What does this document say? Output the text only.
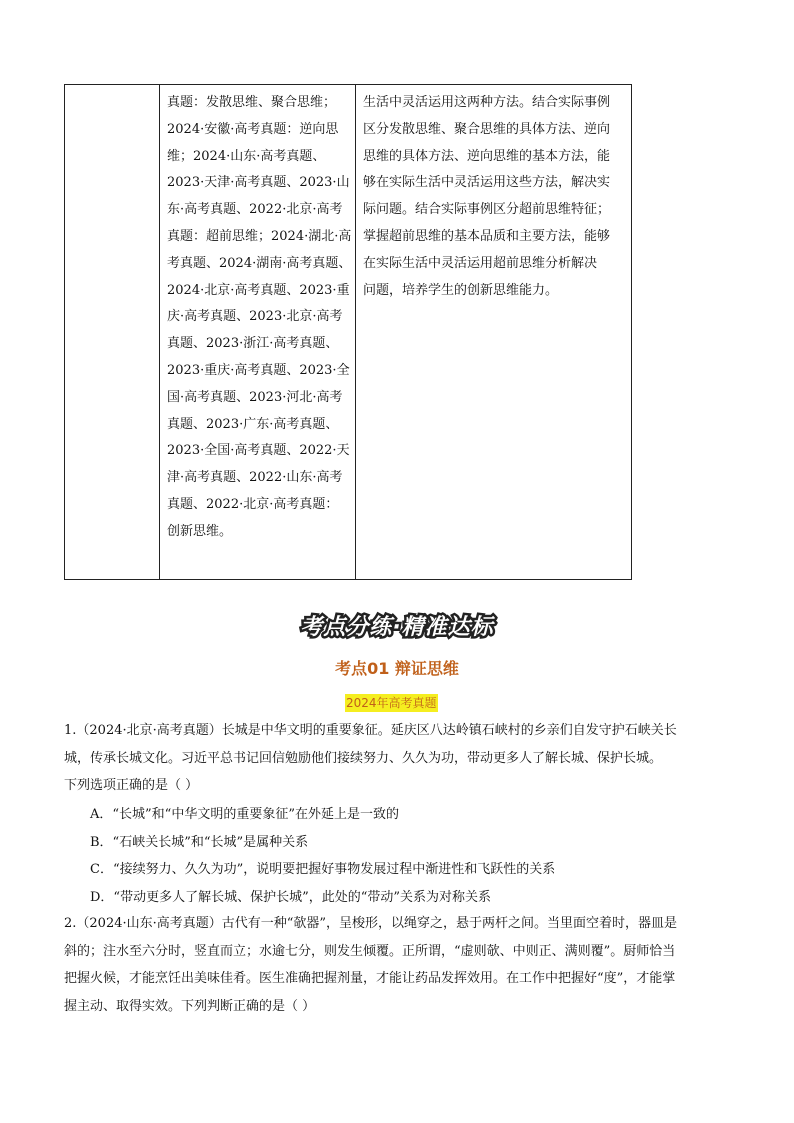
真题：发散思维、聚合思维；
2024·安徽·高考真题：逆向思
维；2024·山东·高考真题、
2023·天津·高考真题、2023·山
东·高考真题、2022·北京·高考
真题：超前思维；2024·湖北·高
考真题、2024·湖南·高考真题、
2024·北京·高考真题、2023·重
庆·高考真题、2023·北京·高考
真题、2023·浙江·高考真题、
2023·重庆·高考真题、2023·全
国·高考真题、2023·河北·高考
真题、2023·广东·高考真题、
2023·全国·高考真题、2022·天
津·高考真题、2022·山东·高考
真题、2022·北京·高考真题：
创新思维。
生活中灵活运用这两种方法。结合实际事例
区分发散思维、聚合思维的具体方法、逆向
思维的具体方法、逆向思维的基本方法，能
够在实际生活中灵活运用这些方法，解决实
际问题。结合实际事例区分超前思维特征；
掌握超前思维的基本品质和主要方法，能够
在实际生活中灵活运用超前思维分析解决
问题，培养学生的创新思维能力。
考点分练·精准达标
考点01 辩证思维
2024年高考真题
1.（2024·北京·高考真题）长城是中华文明的重要象征。延庆区八达岭镇石峡村的乡亲们自发守护石峡关长
城，传承长城文化。习近平总书记回信勉励他们接续努力、久久为功，带动更多人了解长城、保护长城。
下列选项正确的是（ ）
A．“长城”和“中华文明的重要象征”在外延上是一致的
B．“石峡关长城”和“长城”是属种关系
C．“接续努力、久久为功”，说明要把握好事物发展过程中渐进性和飞跃性的关系
D．“带动更多人了解长城、保护长城”，此处的“带动”关系为对称关系
2.（2024·山东·高考真题）古代有一种“欹器”，呈梭形，以绳穿之，悬于两杆之间。当里面空着时，器皿是
斜的；注水至六分时，竖直而立；水逾七分，则发生倾覆。正所谓，“虚则欹、中则正、满则覆”。厨师恰当
把握火候，才能烹饪出美味佳肴。医生准确把握剂量，才能让药品发挥效用。在工作中把握好“度”，才能掌
握主动、取得实效。下列判断正确的是（ ）
